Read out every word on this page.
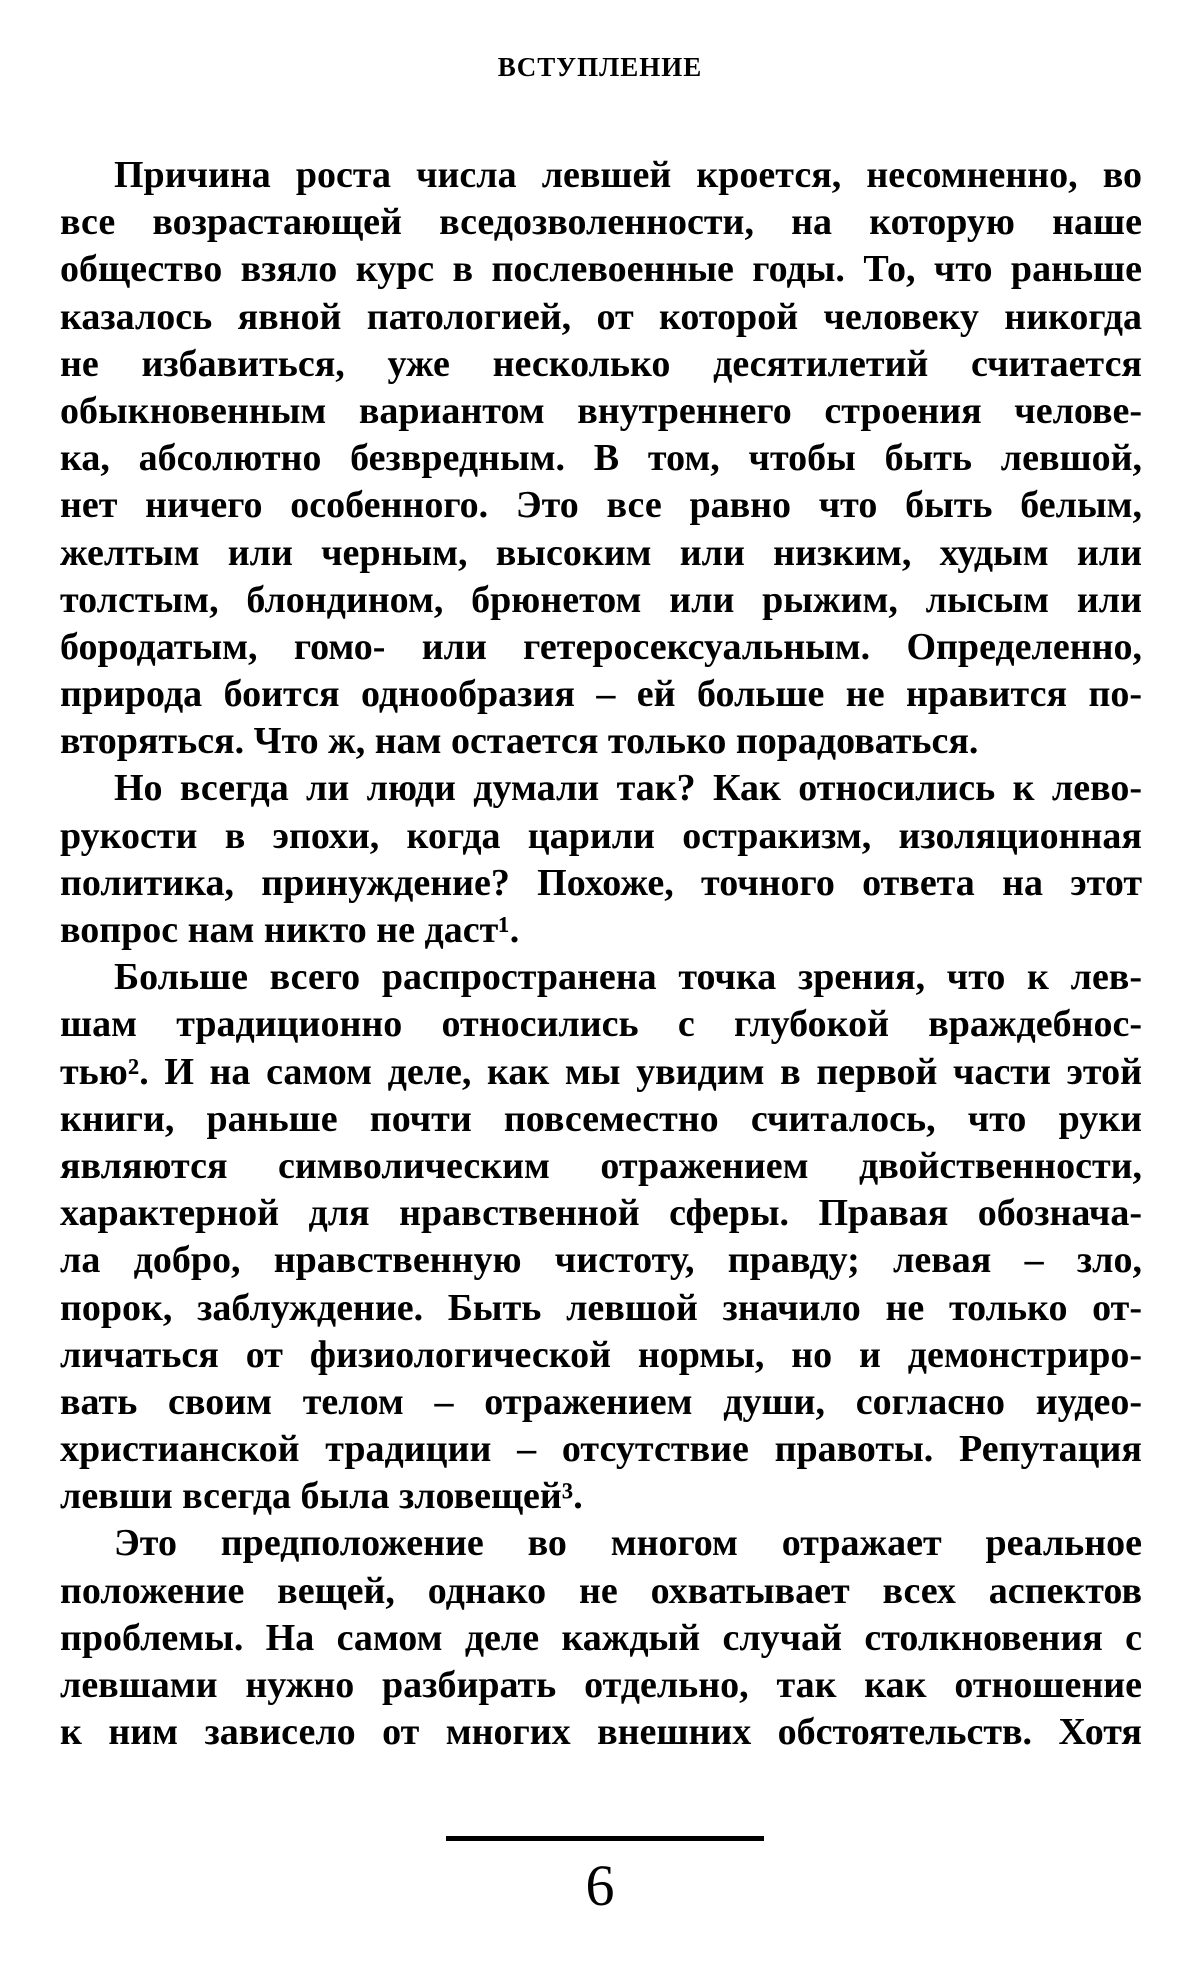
ВСТУПЛЕНИЕ
Причина роста числа левшей кроется, несомненно, во
все возрастающей вседозволенности, на которую наше
общество взяло курс в послевоенные годы. То, что раньше
казалось явной патологией, от которой человеку никогда
не избавиться, уже несколько десятилетий считается
обыкновенным вариантом внутреннего строения челове-
ка, абсолютно безвредным. В том, чтобы быть левшой,
нет ничего особенного. Это все равно что быть белым,
желтым или черным, высоким или низким, худым или
толстым, блондином, брюнетом или рыжим, лысым или
бородатым, гомо- или гетеросексуальным. Определенно,
природа боится однообразия – ей больше не нравится по-
вторяться. Что ж, нам остается только порадоваться.
Но всегда ли люди думали так? Как относились к лево-
рукости в эпохи, когда царили остракизм, изоляционная
политика, принуждение? Похоже, точного ответа на этот
вопрос нам никто не даст¹.
Больше всего распространена точка зрения, что к лев-
шам традиционно относились с глубокой враждебнос-
тью². И на самом деле, как мы увидим в первой части этой
книги, раньше почти повсеместно считалось, что руки
являются символическим отражением двойственности,
характерной для нравственной сферы. Правая обознача-
ла добро, нравственную чистоту, правду; левая – зло,
порок, заблуждение. Быть левшой значило не только от-
личаться от физиологической нормы, но и демонстриро-
вать своим телом – отражением души, согласно иудео-
христианской традиции – отсутствие правоты. Репутация
левши всегда была зловещей³.
Это предположение во многом отражает реальное
положение вещей, однако не охватывает всех аспектов
проблемы. На самом деле каждый случай столкновения с
левшами нужно разбирать отдельно, так как отношение
к ним зависело от многих внешних обстоятельств. Хотя
6
